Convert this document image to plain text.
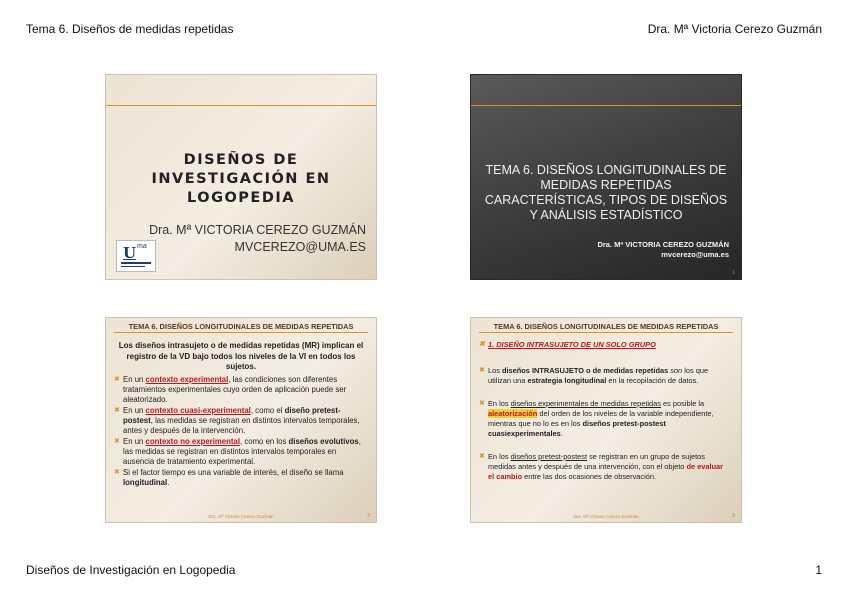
Tema 6. Diseños de medidas repetidas	Dra. Mª Victoria Cerezo Guzmán
DISEÑOS DE
INVESTIGACIÓN EN
LOGOPEDIA
Dra. Mª VICTORIA CEREZO GUZMÁN
MVCEREZO@UMA.ES
U ma
TEMA 6. DISEÑOS LONGITUDINALES DE
MEDIDAS REPETIDAS
CARACTERÍSTICAS, TIPOS DE DISEÑOS
Y ANÁLISIS ESTADÍSTICO
Dra. Mª VICTORIA CEREZO GUZMÁN
mvcerezo@uma.es
1
TEMA 6. DISEÑOS LONGITUDINALES DE MEDIDAS REPETIDAS
Los diseños intrasujeto o de medidas repetidas (MR) implican el registro de la VD bajo todos los niveles de la VI en todos los sujetos.
✖ En un contexto experimental, las condiciones son diferentes tratamientos experimentales cuyo orden de aplicación puede ser aleatorizado.
✖ En un contexto cuasi-experimental, como el diseño pretest-postest, las medidas se registran en distintos intervalos temporales, antes y después de la intervención.
✖ En un contexto no experimental, como en los diseños evolutivos, las medidas se registran en distintos intervalos temporales en ausencia de tratamiento experimental.
✖ Si el factor tiempo es una variable de interés, el diseño se llama longitudinal.
Dra. Mª Victoria Cerezo Guzmán	2
TEMA 6. DISEÑOS LONGITUDINALES DE MEDIDAS REPETIDAS
✖ 1. DISEÑO INTRASUJETO DE UN SOLO GRUPO
✖ Los diseños INTRASUJETO o de medidas repetidas son los que utilizan una estrategia longitudinal en la recopilación de datos.
✖ En los diseños experimentales de medidas repetidas es posible la aleatorización del orden de los niveles de la variable independiente, mientras que no lo es en los diseños pretest-postest cuasiexperimentales.
✖ En los diseños pretest-postest se registran en un grupo de sujetos medidas antes y después de una intervención, con el objeto de evaluar el cambio entre las dos ocasiones de observación.
Dra. Mª Victoria Cerezo Guzmán	3
Diseños de Investigación en Logopedia	1
